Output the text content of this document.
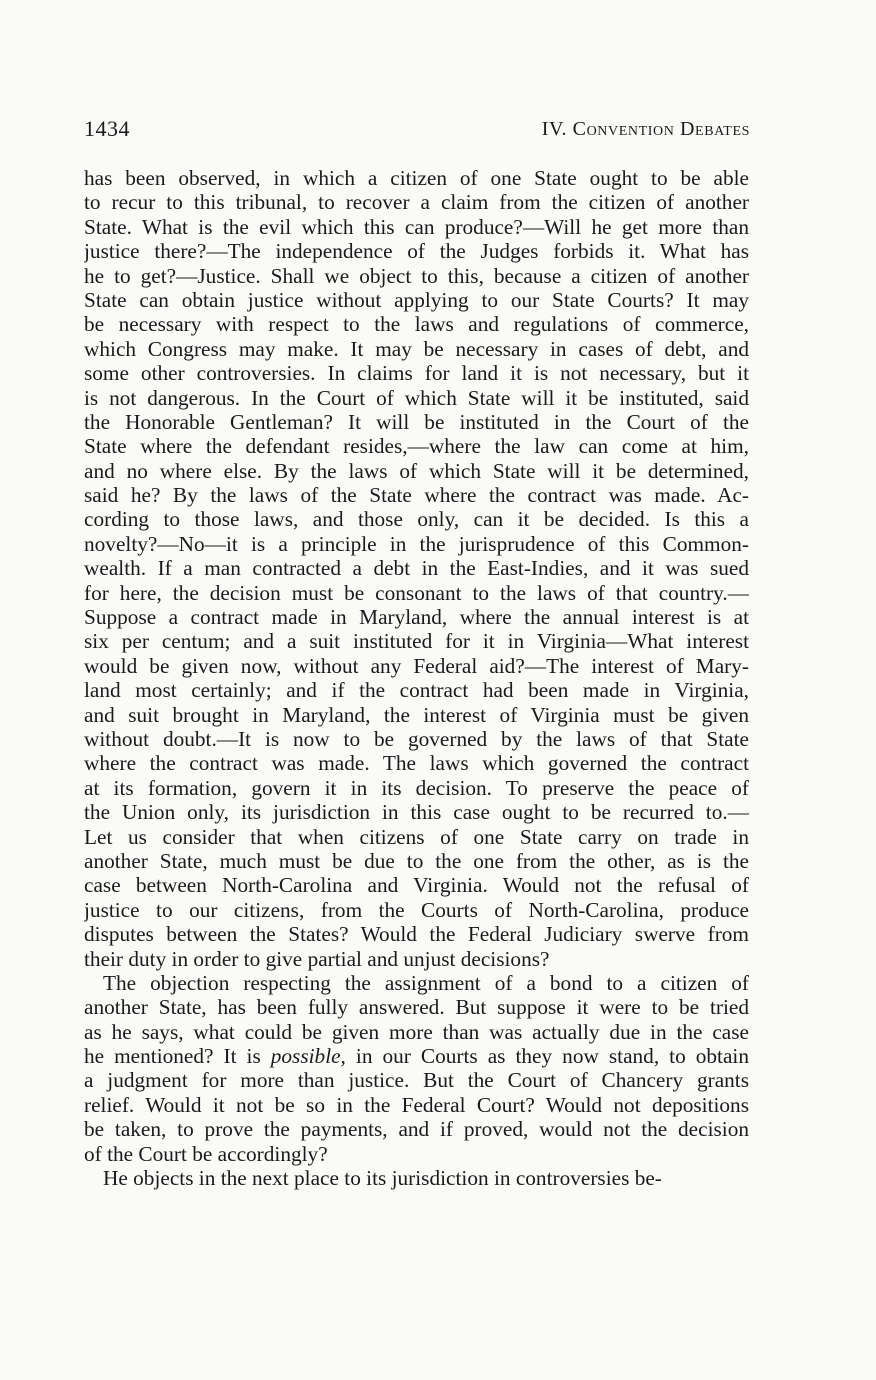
1434	IV. Convention Debates
has been observed, in which a citizen of one State ought to be able
to recur to this tribunal, to recover a claim from the citizen of another
State. What is the evil which this can produce?—Will he get more than
justice there?—The independence of the Judges forbids it. What has
he to get?—Justice. Shall we object to this, because a citizen of another
State can obtain justice without applying to our State Courts? It may
be necessary with respect to the laws and regulations of commerce,
which Congress may make. It may be necessary in cases of debt, and
some other controversies. In claims for land it is not necessary, but it
is not dangerous. In the Court of which State will it be instituted, said
the Honorable Gentleman? It will be instituted in the Court of the
State where the defendant resides,—where the law can come at him,
and no where else. By the laws of which State will it be determined,
said he? By the laws of the State where the contract was made. Ac-
cording to those laws, and those only, can it be decided. Is this a
novelty?—No—it is a principle in the jurisprudence of this Common-
wealth. If a man contracted a debt in the East-Indies, and it was sued
for here, the decision must be consonant to the laws of that country.—
Suppose a contract made in Maryland, where the annual interest is at
six per centum; and a suit instituted for it in Virginia—What interest
would be given now, without any Federal aid?—The interest of Mary-
land most certainly; and if the contract had been made in Virginia,
and suit brought in Maryland, the interest of Virginia must be given
without doubt.—It is now to be governed by the laws of that State
where the contract was made. The laws which governed the contract
at its formation, govern it in its decision. To preserve the peace of
the Union only, its jurisdiction in this case ought to be recurred to.—
Let us consider that when citizens of one State carry on trade in
another State, much must be due to the one from the other, as is the
case between North-Carolina and Virginia. Would not the refusal of
justice to our citizens, from the Courts of North-Carolina, produce
disputes between the States? Would the Federal Judiciary swerve from
their duty in order to give partial and unjust decisions?
The objection respecting the assignment of a bond to a citizen of
another State, has been fully answered. But suppose it were to be tried
as he says, what could be given more than was actually due in the case
he mentioned? It is possible, in our Courts as they now stand, to obtain
a judgment for more than justice. But the Court of Chancery grants
relief. Would it not be so in the Federal Court? Would not depositions
be taken, to prove the payments, and if proved, would not the decision
of the Court be accordingly?
He objects in the next place to its jurisdiction in controversies be-
